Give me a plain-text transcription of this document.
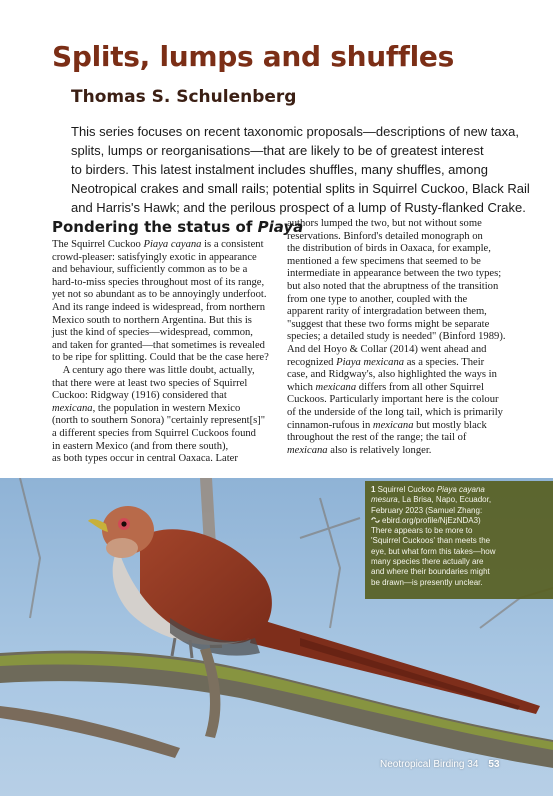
Splits, lumps and shuffles
Thomas S. Schulenberg
This series focuses on recent taxonomic proposals—descriptions of new taxa,
splits, lumps or reorganisations—that are likely to be of greatest interest
to birders. This latest instalment includes shuffles, many shuffles, among
Neotropical crakes and small rails; potential splits in Squirrel Cuckoo, Black Rail
and Harris's Hawk; and the perilous prospect of a lump of Rusty-flanked Crake.
Pondering the status of Piaya
The Squirrel Cuckoo Piaya cayana is a consistent
crowd-pleaser: satisfyingly exotic in appearance
and behaviour, sufficiently common as to be a
hard-to-miss species throughout most of its range,
yet not so abundant as to be annoyingly underfoot.
And its range indeed is widespread, from northern
Mexico south to northern Argentina. But this is
just the kind of species—widespread, common,
and taken for granted—that sometimes is revealed
to be ripe for splitting. Could that be the case here?
A century ago there was little doubt, actually,
that there were at least two species of Squirrel
Cuckoo: Ridgway (1916) considered that
mexicana, the population in western Mexico
(north to southern Sonora) "certainly represent[s]"
a different species from Squirrel Cuckoos found
in eastern Mexico (and from there south),
as both types occur in central Oaxaca. Later
authors lumped the two, but not without some
reservations. Binford's detailed monograph on
the distribution of birds in Oaxaca, for example,
mentioned a few specimens that seemed to be
intermediate in appearance between the two types;
but also noted that the abruptness of the transition
from one type to another, coupled with the
apparent rarity of intergradation between them,
"suggest that these two forms might be separate
species; a detailed study is needed" (Binford 1989).
And del Hoyo & Collar (2014) went ahead and
recognized Piaya mexicana as a species. Their
case, and Ridgway's, also highlighted the ways in
which mexicana differs from all other Squirrel
Cuckoos. Particularly important here is the colour
of the underside of the long tail, which is primarily
cinnamon-rufous in mexicana but mostly black
throughout the rest of the range; the tail of
mexicana also is relatively longer.
1 Squirrel Cuckoo Piaya cayana
mesura, La Brisa, Napo, Ecuador,
February 2023 (Samuel Zhang:
ebird.org/profile/NjEzNDA3)
There appears to be more to
'Squirrel Cuckoos' than meets the
eye, but what form this takes—how
many species there actually are
and where their boundaries might
be drawn—is presently unclear.
Neotropical Birding 34 53
